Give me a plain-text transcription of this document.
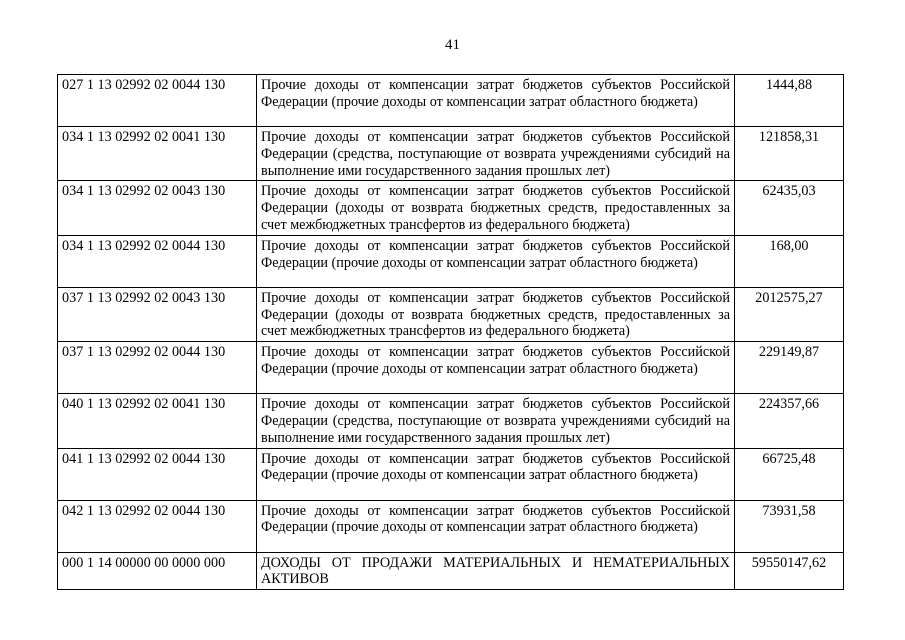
41
027 1 13 02992 02 0044 130	Прочие доходы от компенсации затрат бюджетов субъектов Российской Федерации (прочие доходы от компенсации затрат областного бюджета)	1444,88
034 1 13 02992 02 0041 130	Прочие доходы от компенсации затрат бюджетов субъектов Российской Федерации (средства, поступающие от возврата учреждениями субсидий на выполнение ими государственного задания прошлых лет)	121858,31
034 1 13 02992 02 0043 130	Прочие доходы от компенсации затрат бюджетов субъектов Российской Федерации (доходы от возврата бюджетных средств, предоставленных за счет межбюджетных трансфертов из федерального бюджета)	62435,03
034 1 13 02992 02 0044 130	Прочие доходы от компенсации затрат бюджетов субъектов Российской Федерации (прочие доходы от компенсации затрат областного бюджета)	168,00
037 1 13 02992 02 0043 130	Прочие доходы от компенсации затрат бюджетов субъектов Российской Федерации (доходы от возврата бюджетных средств, предоставленных за счет межбюджетных трансфертов из федерального бюджета)	2012575,27
037 1 13 02992 02 0044 130	Прочие доходы от компенсации затрат бюджетов субъектов Российской Федерации (прочие доходы от компенсации затрат областного бюджета)	229149,87
040 1 13 02992 02 0041 130	Прочие доходы от компенсации затрат бюджетов субъектов Российской Федерации (средства, поступающие от возврата учреждениями субсидий на выполнение ими государственного задания прошлых лет)	224357,66
041 1 13 02992 02 0044 130	Прочие доходы от компенсации затрат бюджетов субъектов Российской Федерации (прочие доходы от компенсации затрат областного бюджета)	66725,48
042 1 13 02992 02 0044 130	Прочие доходы от компенсации затрат бюджетов субъектов Российской Федерации (прочие доходы от компенсации затрат областного бюджета)	73931,58
000 1 14 00000 00 0000 000	ДОХОДЫ ОТ ПРОДАЖИ МАТЕРИАЛЬНЫХ И НЕМАТЕРИАЛЬНЫХ АКТИВОВ	59550147,62
